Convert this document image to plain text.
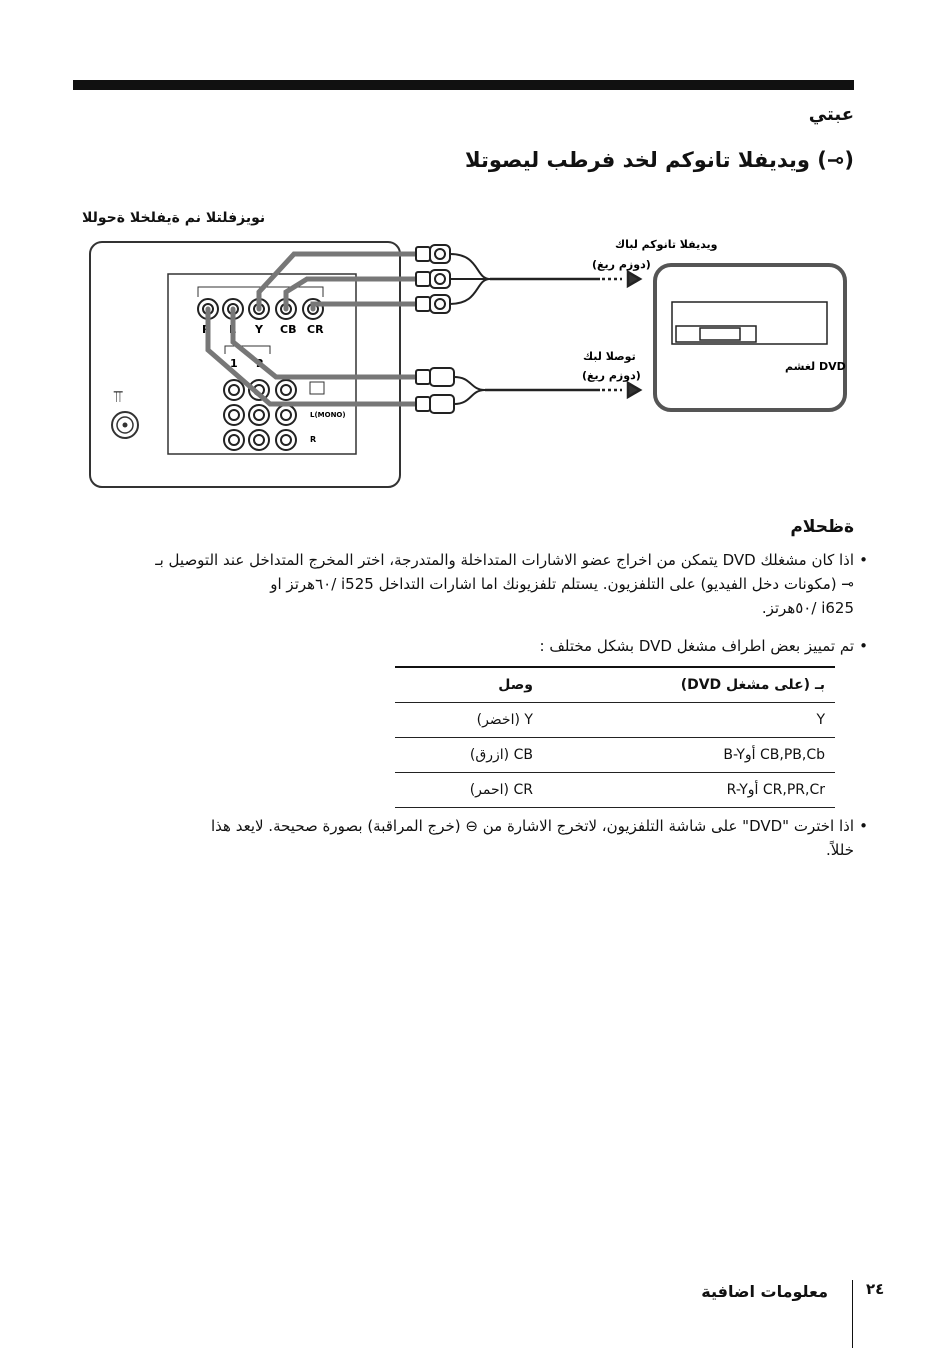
عبتي
(⊸) ويديفلا تانوكم لخد فرطب ليصوتلا
نويزفلتلا نم ةيفلخلا ةحوللا
⫪
R L Y CB CR
1 2
L(MONO)
R
ويديفلا تانوكم لباك
(دوزم ريغ)
توصلا لبك
(دوزم ريغ)
DVD لغشم
ةظحلام
• اذا كان مشغلك DVD يتمكن من اخراج عضو الاشارات المتداخلة والمتدرجة، اختر المخرج المتداخل عند التوصيل بـ
⊸ (مكونات دخل الفيديو) على التلفزيون. يستلم تلفزيونك اما اشارات التداخل i525 /٦٠هرتز او
i625 /٥٠هرتز.
• تم تمييز بعض اطراف مشغل DVD بشكل مختلف :
وصل	بـ (على مشغل DVD)
Y (اخضر)	Y
CB (ازرق)	CB,PB,Cb أوB-Y
CR (احمر)	CR,PR,Cr أوR-Y
• اذا اخترت "DVD" على شاشة التلفزيون، لاتخرج الاشارة من ⊖ (خرج المراقبة) بصورة صحيحة. لايعد هذا
خللاً.
معلومات اضافية	٢٤
